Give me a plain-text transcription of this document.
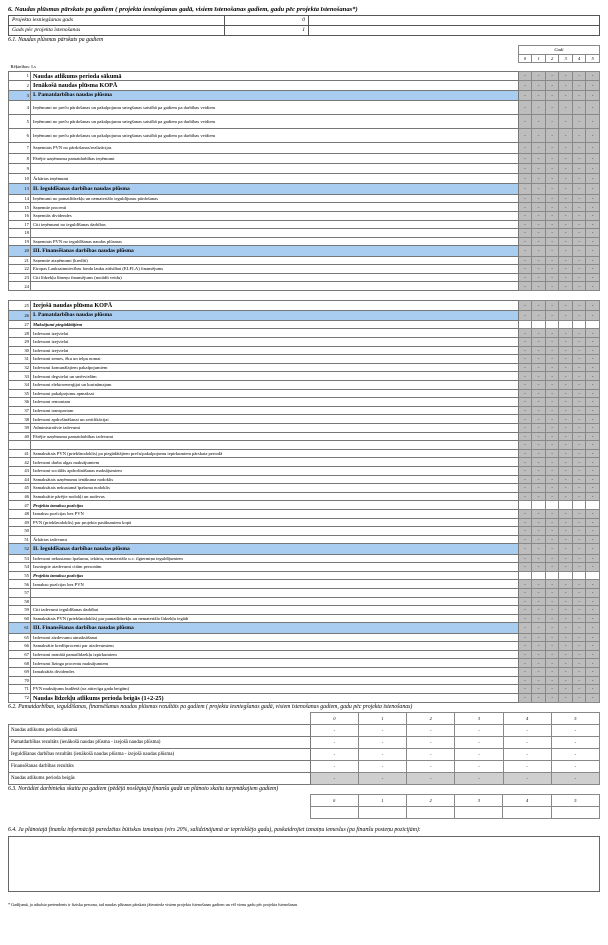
6. Naudas plūsmas pārskats pa gadiem ( projekta iesniegšanas gadā, visiem īstenošanas gadiem, gadu pēc projekta īstenošanas*)
Projekta iesniegšanas gads	0
Gads pēc projekta īstenošanas	1
6.1. Naudas plūsmas pārskats pa gadiem
		Gadi					
		0	1	2	3	4	5
Rēķinības: Ls							
1	Naudas atlikums perioda sākumā	-	-	-	-	-	-
2	Ienākošā naudas plūsma KOPĀ	-	-	-	-	-	-
3	I. Pamatdarbības naudas plūsma	-	-	-	-	-	-
4	Ieņēmumi no preču pārdošanas un pakalpojumu sniegšanas saistībā pa gadiem pa darbības veidiem	-	-	-	-	-	-
5	Ieņēmumi no preču pārdošanas un pakalpojumu sniegšanas saistībā pa gadiem pa darbības veidiem	-	-	-	-	-	-
6	Ieņēmumi no preču pārdošanas un pakalpojumu sniegšanas saistībā pa gadiem pa darbības veidiem	-	-	-	-	-	-
7	Saņemtais PVN no pārdošanas/realizācijas	-	-	-	-	-	-
8	Pārējie uzņēmuma pamatdarbības ieņēmumi	-	-	-	-	-	-
9		-	-	-	-	-	-
10	Ārkārtas ieņēmumi	-	-	-	-	-	-
13	II. Ieguldīšanas darbības naudas plūsma	-	-	-	-	-	-
14	Ieņēmumi no pamatlīdzekļu un nemateriālo ieguldījumu pārdošanas	-	-	-	-	-	-
15	Saņemtie procenti	-	-	-	-	-	-
16	Saņemtās dividendes	-	-	-	-	-	-
17	Citi ieņēmumi no ieguldīšanas darbības	-	-	-	-	-	-
18		-	-	-	-	-	-
19	Saņemtais PVN no ieguldīšanas naudas plūsmas	-	-	-	-	-	-
20	III. Finansēšanas darbības naudas plūsma	-	-	-	-	-	-
21	Saņemtie aizņēmumi (kredīti)	-	-	-	-	-	-
22	Eiropas Lauksaimniecības fonda lauku attīstībai (ELFLA) finansējums	-	-	-	-	-	-
23	Citi līdzekļu līmeņu finansējums (norādīt veidu)	-	-	-	-	-	-
24		-	-	-	-	-	-

25	Izejošā naudas plūsma KOPĀ	-	-	-	-	-	-
26	I. Pamatdarbības naudas plūsma	-	-	-	-	-	-
27	Maksājumi piegādātājiem						
28	Izdevumi izejvielai	-	-	-	-	-	-
29	Izdevumi izejvielai	-	-	-	-	-	-
30	Izdevumi izejvielai	-	-	-	-	-	-
31	Izdevumi zemes, ēku un telpu nomai	-	-	-	-	-	-
32	Izdevumi komunālajiem pakalpojumiem	-	-	-	-	-	-
33	Izdevumi degvielai un smērvielām	-	-	-	-	-	-
34	Izdevumi elektroenerģijai un kurināmajam	-	-	-	-	-	-
35	Izdevumi pakalpojumu apmaksai	-	-	-	-	-	-
36	Izdevumi remontam	-	-	-	-	-	-
37	Izdevumi transportam	-	-	-	-	-	-
38	Izdevumi apdrošināšanai un sertifikācijai	-	-	-	-	-	-
39	Administratīvie izdevumi	-	-	-	-	-	-
40	Pārējie uzņēmuma pamatdarbības izdevumi	-	-	-	-	-	-
		-	-	-	-	-	-
41	Samaksātais PVN (priekšnodoklis) pa piegādātājiem preču/pakalpojumu iepirkumiem pārskata periodā	-	-	-	-	-	-
42	Izdevumi darba algas maksājumiem	-	-	-	-	-	-
43	Izdevumi sociālās apdrošināšanas maksājumiem	-	-	-	-	-	-
44	Samaksātais uzņēmumu ienākuma nodoklis	-	-	-	-	-	-
45	Samaksātais nekustamā īpašuma nodoklis	-	-	-	-	-	-
46	Samaksātie pārējie nodokļi un nodevas	-	-	-	-	-	-
47	Projekta izmaksu pozīcijas						
48	Izmaksu pozīcijas bez PVN	-	-	-	-	-	-
49	PVN (priekšnodoklis) par projekta pasākumiem kopā	-	-	-	-	-	-
50		-	-	-	-	-	-
51	Ārkārtas izdevumi	-	-	-	-	-	-
52	II. Ieguldīšanas darbības naudas plūsma	-	-	-	-	-	-
53	Izdevumi nekustamo īpašumu, iekārtu, nemateriālo u.c. ilgtermiņa ieguldījumiem	-	-	-	-	-	-
54	Izsniegtie aizdevumi citām personām	-	-	-	-	-	-
55	Projekta izmaksu pozīcijas						
56	Izmaksu pozīcijas bez PVN	-	-	-	-	-	-
57		-	-	-	-	-	-
58		-	-	-	-	-	-
59	Citi izdevumi ieguldīšanas darbībai	-	-	-	-	-	-
60	Samaksātais PVN (priekšnodoklis) par pamatlīdzekļu un nemateriālo līdzekļu iegādi	-	-	-	-	-	-
61	III. Finansēšanas darbības naudas plūsma	-	-	-	-	-	-
65	Izdevumi aizdevumu atmaksāšanai	-	-	-	-	-	-
66	Samaksātie kredītprocenti par aizdevumiem	-	-	-	-	-	-
67	Izdevumi nomātā pamatlīdzekļu izpirkumiem	-	-	-	-	-	-
68	Izdevumi līzinga procentu maksājumiem	-	-	-	-	-	-
69	Izmaksātās dividendes	-	-	-	-	-	-
70		-	-	-	-	-	-
71	PVN maksājums budžetā (uz attiecīga gada beigām)	-	-	-	-	-	-
72	Naudas līdzekļu atlikums perioda beigās (1+2-25)	-	-	-	-	-	-
6.2. Pamatdarbības, ieguldīšanas, finansēšanas naudas plūsmas rezultāts pa gadiem ( projekta iesniegšanas gadā, visiem īstenošanas gadiem, gadu pēc projekta īstenošanas)
	0	1	2	3	4	5
Naudas atlikums perioda sākumā	-	-	-	-	-	-
Pamatdarbības rezultāts (ienākošā naudas plūsma - izejošā naudas plūsma)	-	-	-	-	-	-
Ieguldīšanas darbības rezultāts (ienākošā naudas plūsma - izejošā naudas plūsma)	-	-	-	-	-	-
Finansēšanas darbības rezultāts	-	-	-	-	-	-
Naudas atlikums perioda beigās	-	-	-	-	-	-
6.3. Norādiet darbinieku skaitu pa gadiem (pēdējā noslēgtajā finanšu gadā un plānoto skaitu turpmākajiem gadiem)
	0	1	2	3	4	5

6.4. Ja plānotajā finanšu informācijā paredzētas būtiskas izmaiņas (virs 20%, salīdzinājumā ar iepriekšējo gadu), paskaidrojiet izmaiņu iemeslus (pa finanšu posteņu pozīcijām):
* Gadījumā, ja atbalsta pretendents ir fiziska persona, tad naudas plūsmas pārskats jāiesniedz visiem projekta īstenošanas gadiem un vēl vienu gadu pēc projekta īstenošanas
